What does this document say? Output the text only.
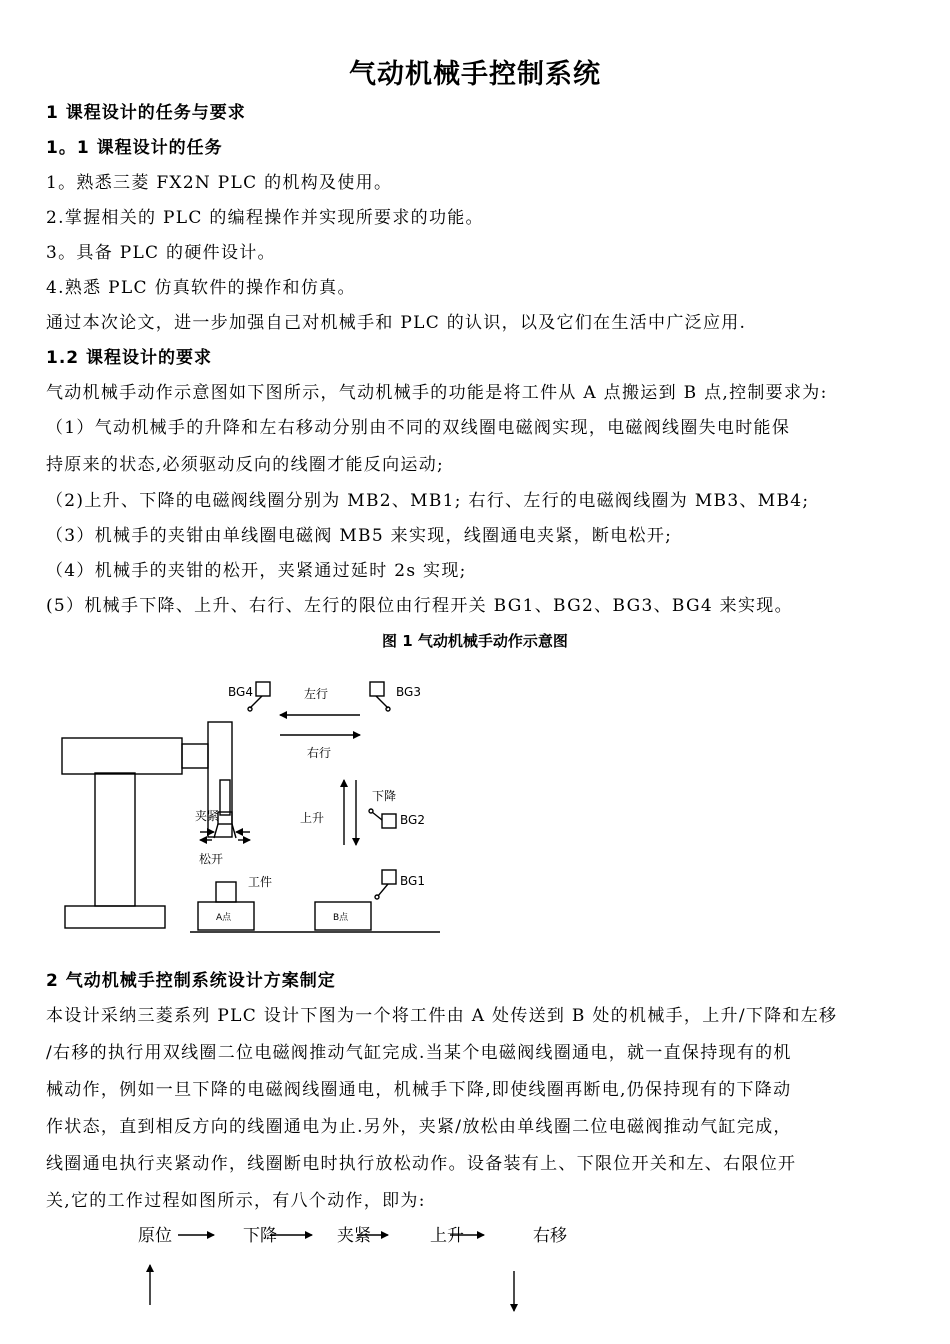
气动机械手控制系统
1 课程设计的任务与要求
1。1 课程设计的任务
1。熟悉三菱 FX2N PLC 的机构及使用。
2.掌握相关的 PLC 的编程操作并实现所要求的功能。
3。具备 PLC 的硬件设计。
4.熟悉 PLC 仿真软件的操作和仿真。
通过本次论文，进一步加强自己对机械手和 PLC 的认识，以及它们在生活中广泛应用.
1.2 课程设计的要求
气动机械手动作示意图如下图所示，气动机械手的功能是将工件从 A 点搬运到 B 点,控制要求为:
（1）气动机械手的升降和左右移动分别由不同的双线圈电磁阀实现，电磁阀线圈失电时能保
持原来的状态,必须驱动反向的线圈才能反向运动;
（2)上升、下降的电磁阀线圈分别为 MB2、MB1; 右行、左行的电磁阀线圈为 MB3、MB4;
（3）机械手的夹钳由单线圈电磁阀 MB5 来实现，线圈通电夹紧，断电松开;
（4）机械手的夹钳的松开，夹紧通过延时 2s 实现;
(5）机械手下降、上升、右行、左行的限位由行程开关 BG1、BG2、BG3、BG4 来实现。
图 1 气动机械手动作示意图
BG4	左行	BG3
右行
下降
上升	BG2
夹紧
松开
工件	BG1
A点	B点
2 气动机械手控制系统设计方案制定
本设计采纳三菱系列 PLC 设计下图为一个将工件由 A 处传送到 B 处的机械手，上升/下降和左移
/右移的执行用双线圈二位电磁阀推动气缸完成.当某个电磁阀线圈通电，就一直保持现有的机
械动作，例如一旦下降的电磁阀线圈通电，机械手下降,即使线圈再断电,仍保持现有的下降动
作状态，直到相反方向的线圈通电为止.另外，夹紧/放松由单线圈二位电磁阀推动气缸完成，
线圈通电执行夹紧动作，线圈断电时执行放松动作。设备装有上、下限位开关和左、右限位开
关,它的工作过程如图所示，有八个动作，即为:
原位	下降	夹紧	上升	右移
